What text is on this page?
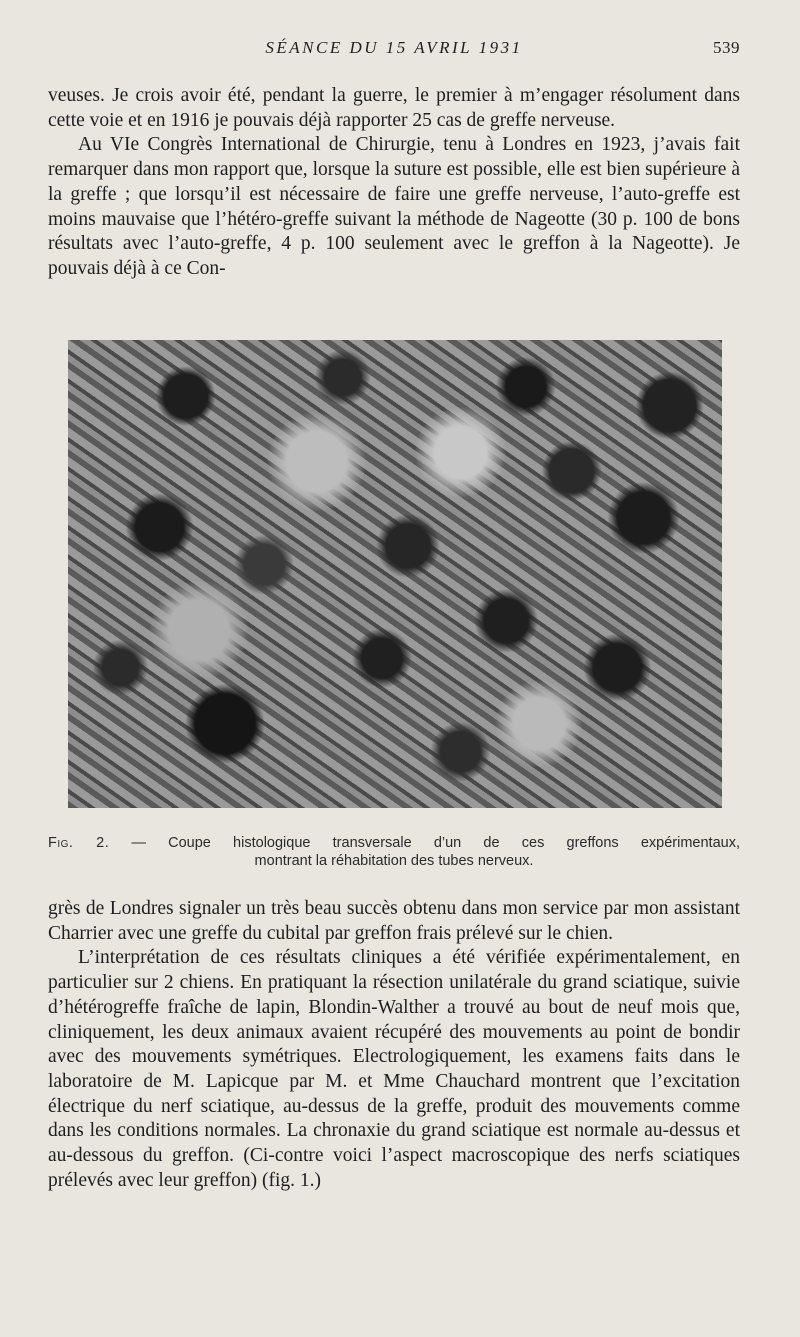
SÉANCE DU 15 AVRIL 1931	539

veuses. Je crois avoir été, pendant la guerre, le premier à m’engager résolument dans cette voie et en 1916 je pouvais déjà rapporter 25 cas de greffe nerveuse.

Au VIe Congrès International de Chirurgie, tenu à Londres en 1923, j’avais fait remarquer dans mon rapport que, lorsque la suture est possible, elle est bien supérieure à la greffe ; que lorsqu’il est nécessaire de faire une greffe nerveuse, l’auto-greffe est moins mauvaise que l’hétéro-greffe suivant la méthode de Nageotte (30 p. 100 de bons résultats avec l’auto-greffe, 4 p. 100 seulement avec le greffon à la Nageotte). Je pouvais déjà à ce Con-

Fig. 2. — Coupe histologique transversale d’un de ces greffons expérimentaux,
montrant la réhabitation des tubes nerveux.

grès de Londres signaler un très beau succès obtenu dans mon service par mon assistant Charrier avec une greffe du cubital par greffon frais prélevé sur le chien.

L’interprétation de ces résultats cliniques a été vérifiée expérimentalement, en particulier sur 2 chiens. En pratiquant la résection unilatérale du grand sciatique, suivie d’hétérogreffe fraîche de lapin, Blondin-Walther a trouvé au bout de neuf mois que, cliniquement, les deux animaux avaient récupéré des mouvements au point de bondir avec des mouvements symétriques. Electrologiquement, les examens faits dans le laboratoire de M. Lapicque par M. et Mme Chauchard montrent que l’excitation électrique du nerf sciatique, au-dessus de la greffe, produit des mouvements comme dans les conditions normales. La chronaxie du grand sciatique est normale au-dessus et au-dessous du greffon. (Ci-contre voici l’aspect macroscopique des nerfs sciatiques prélevés avec leur greffon) (fig. 1.)
